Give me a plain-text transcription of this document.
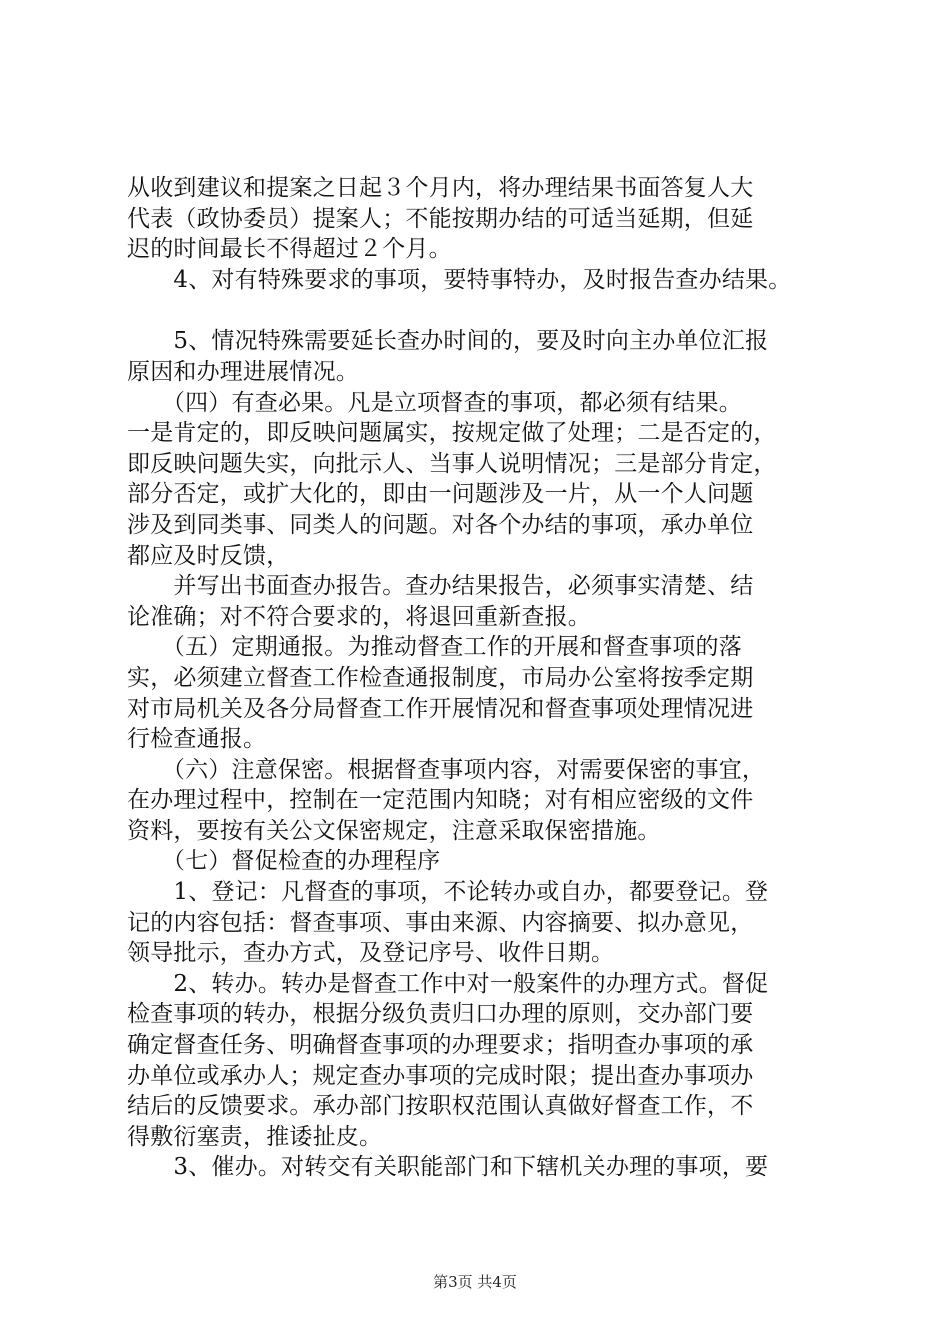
从收到建议和提案之日起３个月内，将办理结果书面答复人大
代表（政协委员）提案人；不能按期办结的可适当延期，但延
迟的时间最长不得超过２个月。
　　4、对有特殊要求的事项，要特事特办，及时报告查办结果。
　　5、情况特殊需要延长查办时间的，要及时向主办单位汇报
原因和办理进展情况。
　　（四）有查必果。凡是立项督查的事项，都必须有结果。
一是肯定的，即反映问题属实，按规定做了处理；二是否定的，
即反映问题失实，向批示人、当事人说明情况；三是部分肯定，
部分否定，或扩大化的，即由一问题涉及一片，从一个人问题
涉及到同类事、同类人的问题。对各个办结的事项，承办单位
都应及时反馈，
　　并写出书面查办报告。查办结果报告，必须事实清楚、结
论准确；对不符合要求的，将退回重新查报。
　　（五）定期通报。为推动督查工作的开展和督查事项的落
实，必须建立督查工作检查通报制度，市局办公室将按季定期
对市局机关及各分局督查工作开展情况和督查事项处理情况进
行检查通报。
　　（六）注意保密。根据督查事项内容，对需要保密的事宜，
在办理过程中，控制在一定范围内知晓；对有相应密级的文件
资料，要按有关公文保密规定，注意采取保密措施。
　　（七）督促检查的办理程序
　　1、登记：凡督查的事项，不论转办或自办，都要登记。登
记的内容包括：督查事项、事由来源、内容摘要、拟办意见，
领导批示，查办方式，及登记序号、收件日期。
　　2、转办。转办是督查工作中对一般案件的办理方式。督促
检查事项的转办，根据分级负责归口办理的原则，交办部门要
确定督查任务、明确督查事项的办理要求；指明查办事项的承
办单位或承办人；规定查办事项的完成时限；提出查办事项办
结后的反馈要求。承办部门按职权范围认真做好督查工作，不
得敷衍塞责，推诿扯皮。
　　3、催办。对转交有关职能部门和下辖机关办理的事项，要
第3页 共4页
